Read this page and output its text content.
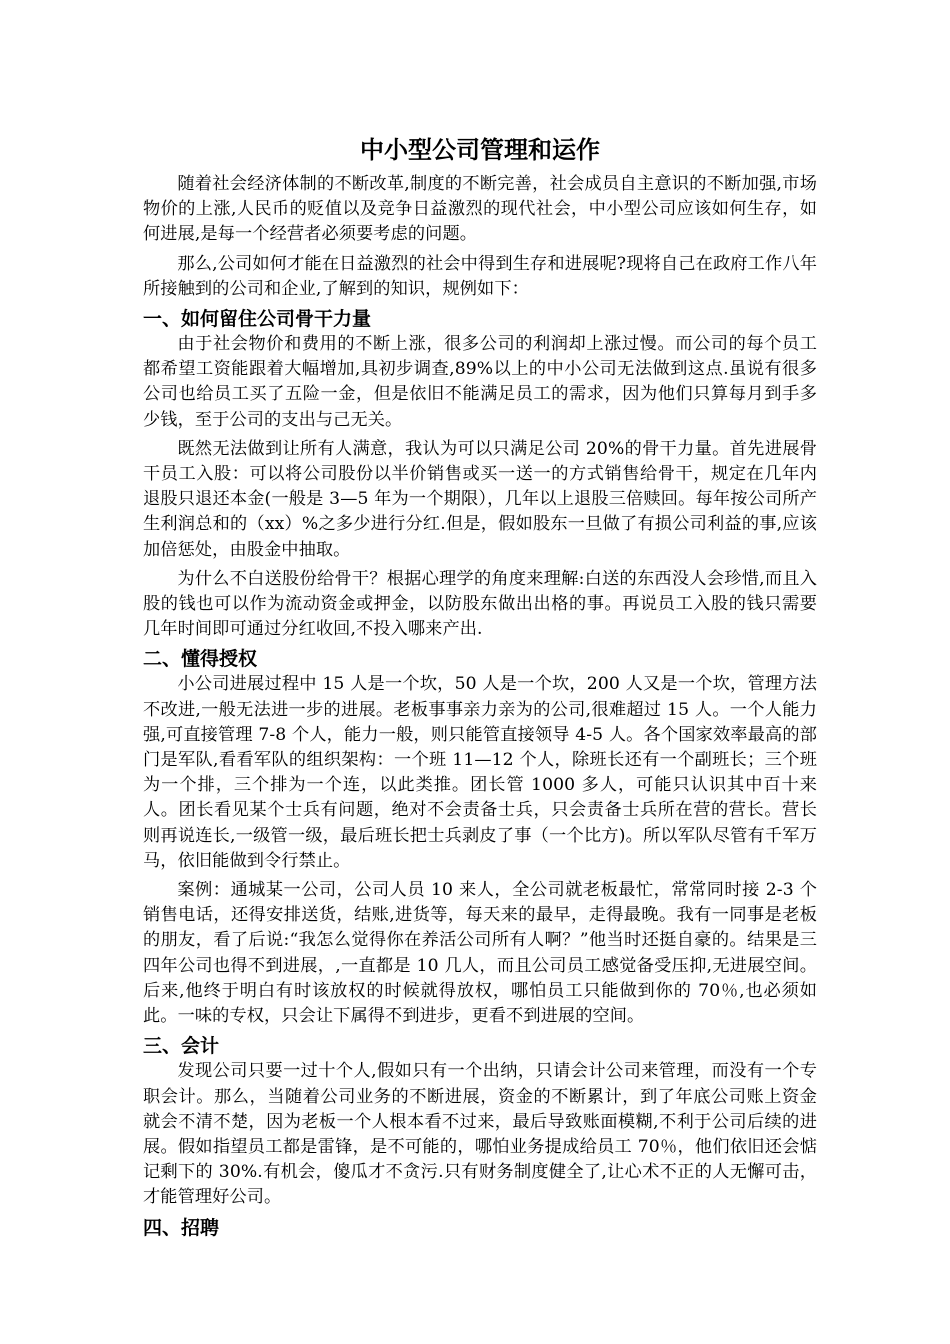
中小型公司管理和运作

随着社会经济体制的不断改革,制度的不断完善，社会成员自主意识的不断加强,市场物价的上涨,人民币的贬值以及竞争日益激烈的现代社会，中小型公司应该如何生存，如何进展,是每一个经营者必须要考虑的问题。

那么,公司如何才能在日益激烈的社会中得到生存和进展呢?现将自己在政府工作八年所接触到的公司和企业,了解到的知识，规例如下：

一、如何留住公司骨干力量

由于社会物价和费用的不断上涨，很多公司的利润却上涨过慢。而公司的每个员工都希望工资能跟着大幅增加,具初步调查,89%以上的中小公司无法做到这点.虽说有很多公司也给员工买了五险一金，但是依旧不能满足员工的需求，因为他们只算每月到手多少钱，至于公司的支出与己无关。

既然无法做到让所有人满意，我认为可以只满足公司 20%的骨干力量。首先进展骨干员工入股：可以将公司股份以半价销售或买一送一的方式销售给骨干，规定在几年内退股只退还本金(一般是 3—5 年为一个期限），几年以上退股三倍赎回。每年按公司所产生利润总和的（xx）%之多少进行分红.但是，假如股东一旦做了有损公司利益的事,应该加倍惩处，由股金中抽取。

为什么不白送股份给骨干？根据心理学的角度来理解:白送的东西没人会珍惜,而且入股的钱也可以作为流动资金或押金，以防股东做出出格的事。再说员工入股的钱只需要几年时间即可通过分红收回,不投入哪来产出.

二、懂得授权

小公司进展过程中 15 人是一个坎，50 人是一个坎，200 人又是一个坎，管理方法不改进,一般无法进一步的进展。老板事事亲力亲为的公司,很难超过 15 人。一个人能力强,可直接管理 7-8 个人，能力一般，则只能管直接领导 4-5 人。各个国家效率最高的部门是军队,看看军队的组织架构：一个班 11—12 个人，除班长还有一个副班长；三个班为一个排，三个排为一个连，以此类推。团长管 1000 多人，可能只认识其中百十来人。团长看见某个士兵有问题，绝对不会责备士兵，只会责备士兵所在营的营长。营长则再说连长,一级管一级，最后班长把士兵剥皮了事（一个比方)。所以军队尽管有千军万马，依旧能做到令行禁止。

案例：通城某一公司，公司人员 10 来人，全公司就老板最忙，常常同时接 2-3 个销售电话，还得安排送货，结账,进货等，每天来的最早，走得最晚。我有一同事是老板的朋友，看了后说:“我怎么觉得你在养活公司所有人啊？”他当时还挺自豪的。结果是三四年公司也得不到进展，,一直都是 10 几人，而且公司员工感觉备受压抑,无进展空间。后来,他终于明白有时该放权的时候就得放权，哪怕员工只能做到你的 70％,也必须如此。一味的专权，只会让下属得不到进步，更看不到进展的空间。

三、会计

发现公司只要一过十个人,假如只有一个出纳，只请会计公司来管理，而没有一个专职会计。那么，当随着公司业务的不断进展，资金的不断累计，到了年底公司账上资金就会不清不楚，因为老板一个人根本看不过来，最后导致账面模糊,不利于公司后续的进展。假如指望员工都是雷锋，是不可能的，哪怕业务提成给员工 70％，他们依旧还会惦记剩下的 30%.有机会，傻瓜才不贪污.只有财务制度健全了,让心术不正的人无懈可击，才能管理好公司。

四、招聘
